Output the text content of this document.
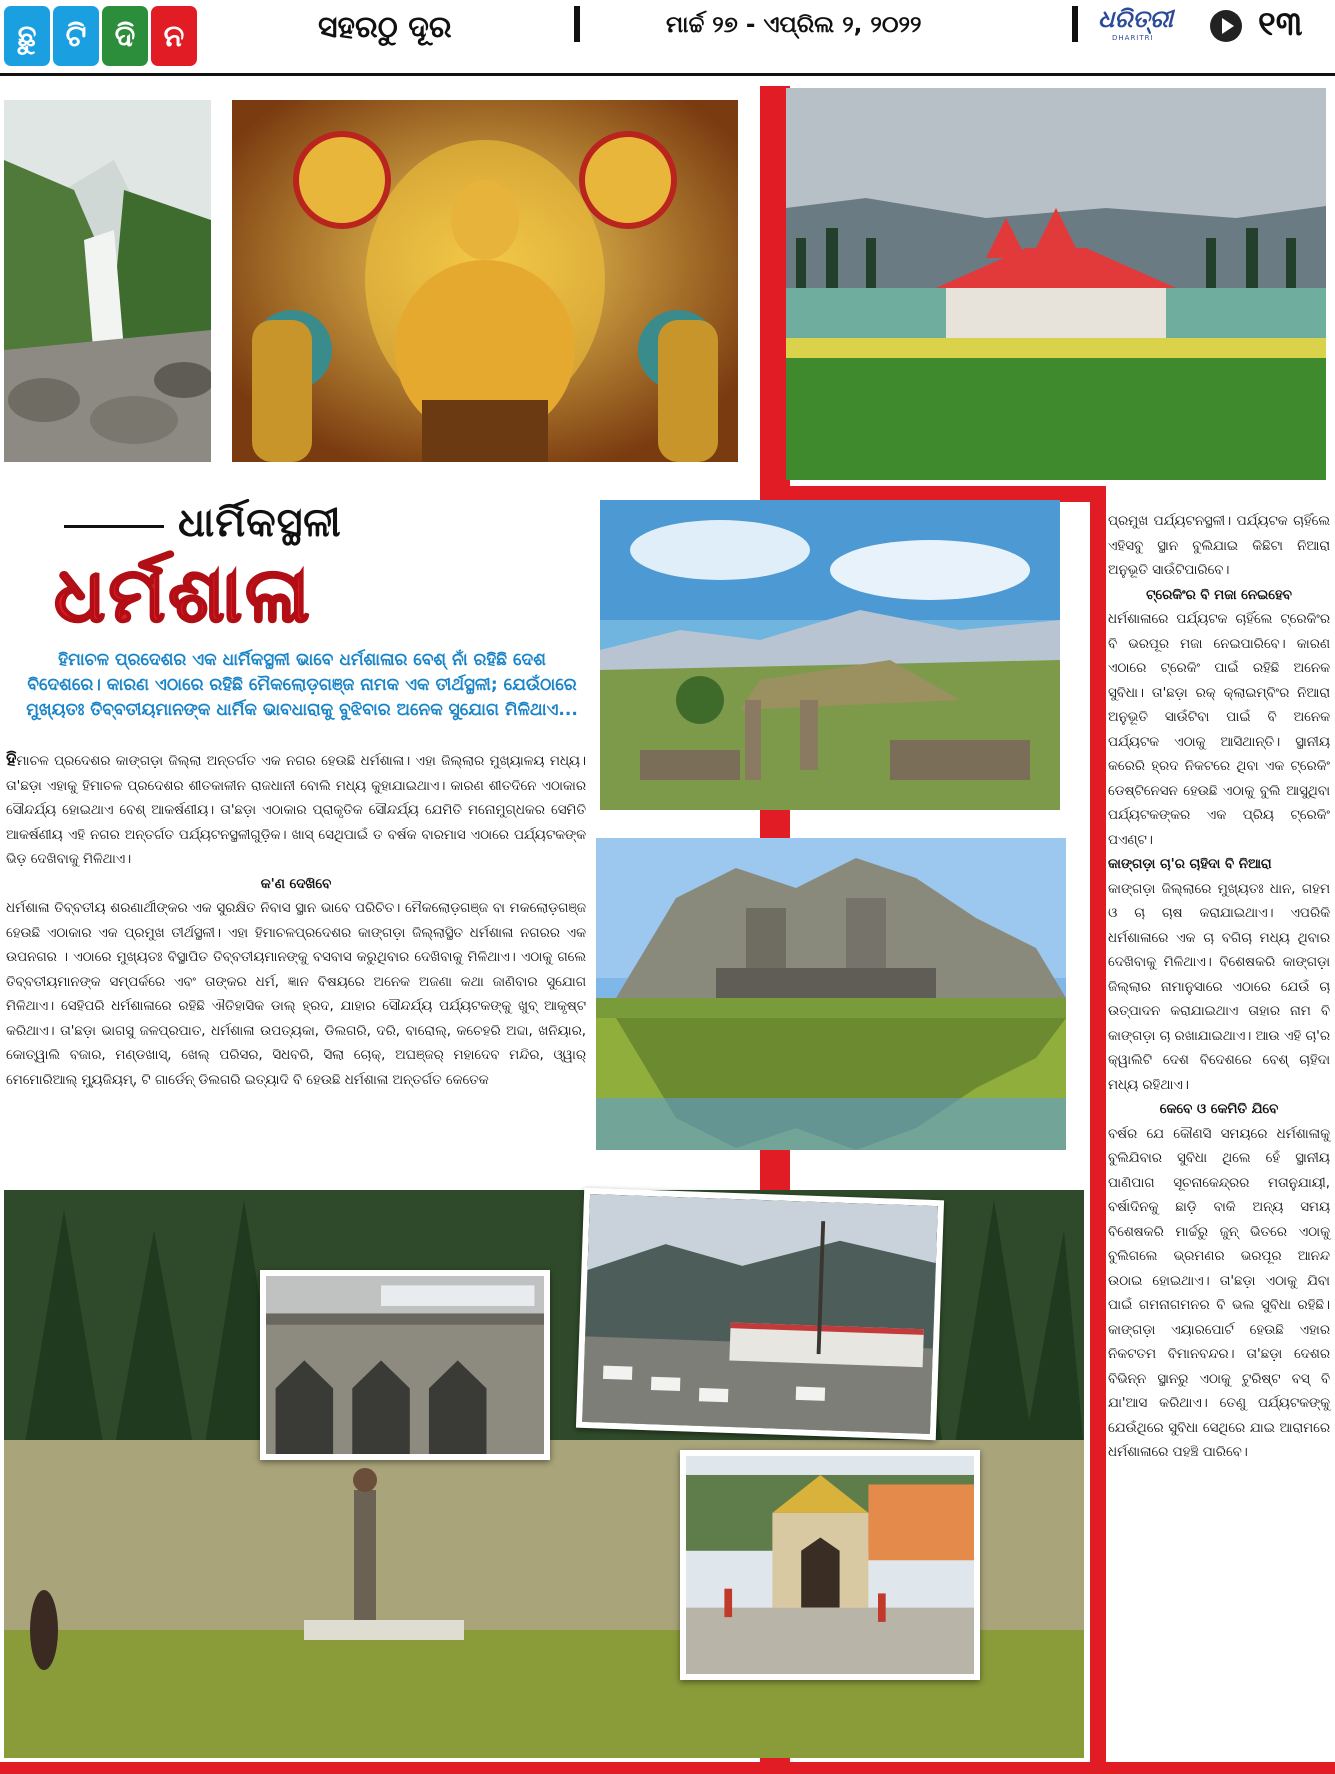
ଛୁ ଟି ଦି ନ	ସହରଠୁ ଦୂର	ମାର୍ଚ୍ଚ ୨୭ - ଏପ୍ରିଲ ୨, ୨୦୨୨	ଧରିତ୍ରୀ
DHARITRI	୧୩
ଧାର୍ମିକସ୍ଥଳୀ
ଧର୍ମଶାଳା
ହିମାଚଳ ପ୍ରଦେଶର ଏକ ଧାର୍ମିକସ୍ଥଳୀ ଭାବେ ଧର୍ମଶାଳାର ବେଶ୍ ନାଁ ରହିଛି ଦେଶ ବିଦେଶରେ। କାରଣ ଏଠାରେ ରହିଛି ମୈକଲୋଡ଼ଗଞ୍ଜ ନାମକ ଏକ ତୀର୍ଥସ୍ଥଳୀ; ଯେଉଁଠାରେ ମୁଖ୍ୟତଃ ତିବ୍ବତୀୟମାନଙ୍କ ଧାର୍ମିକ ଭାବଧାରାକୁ ବୁଝିବାର ଅନେକ ସୁଯୋଗ ମିଳିଥାଏ...

ହିମାଚଳ ପ୍ରଦେଶର କାଙ୍ଗଡ଼ା ଜିଲ୍ଲା ଅନ୍ତର୍ଗତ ଏକ ନଗର ହେଉଛି ଧର୍ମଶାଳା। ଏହା ଜିଲ୍ଲାର ମୁଖ୍ୟାଳୟ ମଧ୍ୟ। ତା'ଛଡ଼ା ଏହାକୁ ହିମାଚଳ ପ୍ରଦେଶର ଶୀତକାଳୀନ ରାଜଧାନୀ ବୋଲି ମଧ୍ୟ କୁହାଯାଇଥାଏ। କାରଣ ଶୀତଦିନେ ଏଠାକାର ସୌନ୍ଦର୍ଯ୍ୟ ହୋଇଥାଏ ବେଶ୍ ଆକର୍ଷଣୀୟ। ତା'ଛଡ଼ା ଏଠାକାର ପ୍ରାକୃତିକ ସୌନ୍ଦର୍ଯ୍ୟ ଯେମିତି ମନୋମୁଗ୍ଧକର ସେମିତି ଆକର୍ଷଣୀୟ ଏହି ନଗର ଅନ୍ତର୍ଗତ ପର୍ଯ୍ୟଟନସ୍ଥଳୀଗୁଡ଼ିକ। ଖାସ୍ ସେଥିପାଇଁ ତ ବର୍ଷକ ବାରମାସ ଏଠାରେ ପର୍ଯ୍ୟଟକଙ୍କ ଭିଡ଼ ଦେଖିବାକୁ ମିଳିଥାଏ।

କ'ଣ ଦେଖିବେ

ଧର୍ମଶାଳା ତିବ୍ବତୀୟ ଶରଣାର୍ଥୀଙ୍କର ଏକ ସୁରକ୍ଷିତ ନିବାସ ସ୍ଥାନ ଭାବେ ପରିଚିତ। ମୈକଲୋଡ଼ଗଞ୍ଜ ବା ମକଲୋଡ଼ଗଞ୍ଜ ହେଉଛି ଏଠାକାର ଏକ ପ୍ରମୁଖ ତୀର୍ଥସ୍ଥଳୀ। ଏହା ହିମାଚଳପ୍ରଦେଶର କାଙ୍ଗଡ଼ା ଜିଲ୍ଲାସ୍ଥିତ ଧର୍ମଶାଳା ନଗରର ଏକ ଉପନଗର । ଏଠାରେ ମୁଖ୍ୟତଃ ବିସ୍ଥାପିତ ତିବ୍ବତୀୟମାନଙ୍କୁ ବସବାସ କରୁଥିବାର ଦେଖିବାକୁ ମିଳିଥାଏ। ଏଠାକୁ ଗଲେ ତିବ୍ବତୀୟମାନଙ୍କ ସମ୍ପର୍କରେ ଏବଂ ତାଙ୍କର ଧର୍ମ, ଜ୍ଞାନ ବିଷୟରେ ଅନେକ ଅଜଣା କଥା ଜାଣିବାର ସୁଯୋଗ ମିଳିଥାଏ। ସେହିପରି ଧର୍ମଶାଳାରେ ରହିଛି ଐତିହାସିକ ଡାଲ୍ ହ୍ରଦ, ଯାହାର ସୌନ୍ଦର୍ଯ୍ୟ ପର୍ଯ୍ୟଟକଙ୍କୁ ଖୁବ୍ ଆକୃଷ୍ଟ କରିଥାଏ। ତା'ଛଡ଼ା ଭାଗସୁ ଜଳପ୍ରପାତ, ଧର୍ମଶାଳା ଉପତ୍ୟକା, ଡିଲଗରି, ଦରି, ବାରୋଲ୍, କଚେହରି ଅଦ୍ଦା, ଖନିୟାର, କୋତ୍ୱାଲି ବଜାର, ମଣ୍ଡଖାସ୍, ଖେଲ୍ ପରିସର, ସିଧବରି, ସିଲା ଚୋକ୍, ଅଘଞ୍ଜର୍ ମହାଦେବ ମନ୍ଦିର, ଓ୍ୱାର୍ ମେମୋରିଆଲ୍ ମ୍ୟୁଜିୟମ୍, ଟି ଗାର୍ଡେନ୍ ଡିଲଗରି ଇତ୍ୟାଦି ବି ହେଉଛି ଧର୍ମଶାଳା ଅନ୍ତର୍ଗତ କେତେକ

ପ୍ରମୁଖ ପର୍ଯ୍ୟଟନସ୍ଥଳୀ। ପର୍ଯ୍ୟଟକ ଚାହିଁଲେ ଏହିସବୁ ସ୍ଥାନ ବୁଲିଯାଇ କିଛିଟା ନିଆରା ଅନୁଭୂତି ସାଉଁଟିପାରିବେ।

ଟ୍ରେକିଂର ବି ମଜା ନେଇହେବ

ଧର୍ମଶାଳାରେ ପର୍ଯ୍ୟଟକ ଚାହିଁଲେ ଟ୍ରେକିଂର ବି ଭରପୂର ମଜା ନେଇପାରିବେ। କାରଣ ଏଠାରେ ଟ୍ରେକିଂ ପାଇଁ ରହିଛି ଅନେକ ସୁବିଧା। ତା'ଛଡ଼ା ରକ୍ କ୍ଲାଇମ୍ବିଂର ନିଆରା ଅନୁଭୂତି ସାଉଁଟିବା ପାଇଁ ବି ଅନେକ ପର୍ଯ୍ୟଟକ ଏଠାକୁ ଆସିଥାନ୍ତି। ସ୍ଥାନୀୟ କରେରି ହ୍ରଦ ନିକଟରେ ଥିବା ଏକ ଟ୍ରେକିଂ ଡେଷ୍ଟିନେସନ ହେଉଛି ଏଠାକୁ ବୁଲି ଆସୁଥିବା ପର୍ଯ୍ୟଟକଙ୍କର ଏକ ପ୍ରିୟ ଟ୍ରେକିଂ ପଏଣ୍ଟ।

କାଙ୍ଗଡ଼ା ଚା'ର ଚାହିଦା ବି ନିଆରା

କାଙ୍ଗଡ଼ା ଜିଲ୍ଲାରେ ମୁଖ୍ୟତଃ ଧାନ, ଗହମ ଓ ଚା ଚାଷ କରାଯାଇଥାଏ। ଏପରିକି ଧର୍ମଶାଳାରେ ଏକ ଚା ବଗିଚା ମଧ୍ୟ ଥିବାର ଦେଖିବାକୁ ମିଳିଥାଏ। ବିଶେଷକରି କାଙ୍ଗଡ଼ା ଜିଲ୍ଲାର ନାମାନୁସାରେ ଏଠାରେ ଯେଉଁ ଚା ଉତ୍ପାଦନ କରାଯାଇଥାଏ ତାହାର ନାମ ବି କାଙ୍ଗଡ଼ା ଚା ରଖାଯାଇଥାଏ। ଆଉ ଏହି ଚା'ର କ୍ୱାଲିଟି ଦେଶ ବିଦେଶରେ ବେଶ୍ ଚାହିଦା ମଧ୍ୟ ରହିଥାଏ।

କେବେ ଓ କେମିତି ଯିବେ

ବର୍ଷର ଯେ କୌଣସି ସମୟରେ ଧର୍ମଶାଳାକୁ ବୁଲିଯିବାର ସୁବିଧା ଥିଲେ ହେଁ ସ୍ଥାନୀୟ ପାଣିପାଗ ସୂଚନାକେନ୍ଦ୍ରର ମତାନୁଯାୟୀ, ବର୍ଷାଦିନକୁ ଛାଡ଼ି ବାକି ଅନ୍ୟ ସମୟ ବିଶେଷକରି ମାର୍ଚ୍ଚରୁ ଜୁନ୍ ଭିତରେ ଏଠାକୁ ବୁଲିଗଲେ ଭ୍ରମଣର ଭରପୂର ଆନନ୍ଦ ଉଠାଇ ହୋଇଥାଏ। ତା'ଛଡ଼ା ଏଠାକୁ ଯିବା ପାଇଁ ଗମନାଗମନର ବି ଭଲ ସୁବିଧା ରହିଛି। କାଙ୍ଗଡ଼ା ଏୟାରପୋର୍ଟ ହେଉଛି ଏହାର ନିକଟତମ ବିମାନବନ୍ଦର। ତା'ଛଡ଼ା ଦେଶର ବିଭିନ୍ନ ସ୍ଥାନରୁ ଏଠାକୁ ଟୁରିଷ୍ଟ ବସ୍ ବି ଯା'ଆସ କରିଥାଏ। ତେଣୁ ପର୍ଯ୍ୟଟକଙ୍କୁ ଯେଉଁଥିରେ ସୁବିଧା ସେଥିରେ ଯାଇ ଆରାମରେ ଧର୍ମଶାଳାରେ ପହଞ୍ଚି ପାରିବେ।
